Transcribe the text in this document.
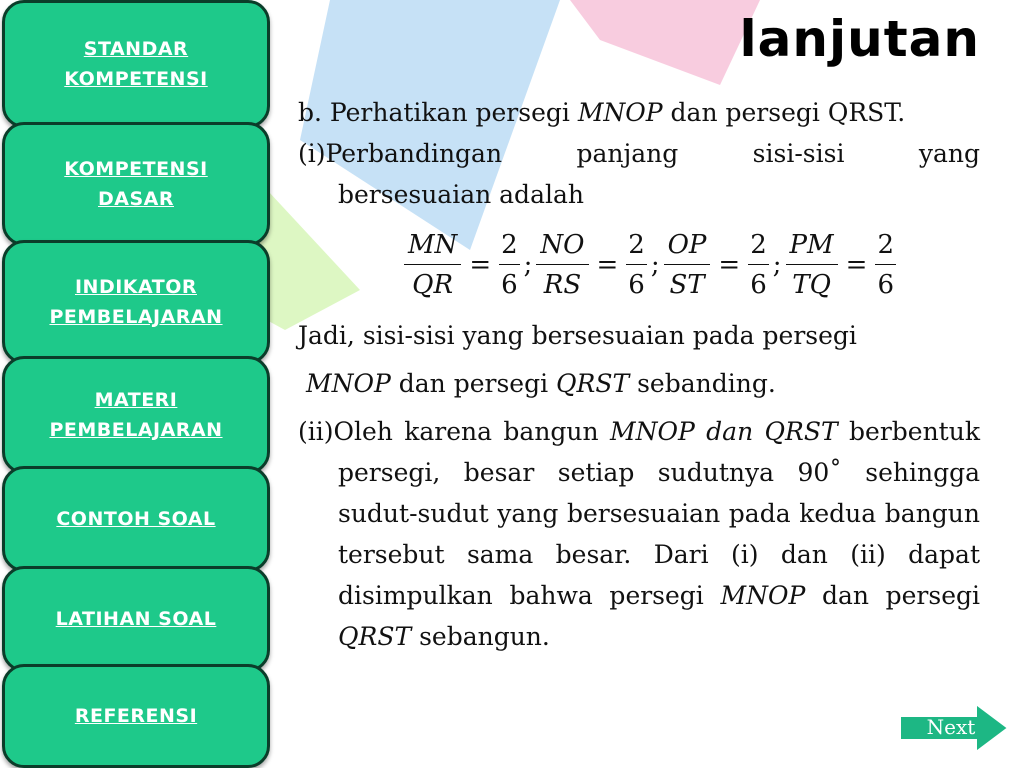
STANDAR
KOMPETENSI
KOMPETENSI
DASAR
INDIKATOR
PEMBELAJARAN
MATERI
PEMBELAJARAN
CONTOH SOAL
LATIHAN SOAL
REFERENSI
lanjutan

b. Perhatikan persegi MNOP dan persegi QRST.

(i)Perbandingan panjang sisi-sisi yang

bersesuaian adalah

$\frac{MN}{QR} = \frac{2}{6}$ ; $\frac{NO}{RS} = \frac{2}{6}$ ; $\frac{OP}{ST} = \frac{2}{6}$ ; $\frac{PM}{TQ} = \frac{2}{6}$

Jadi, sisi-sisi yang bersesuaian pada persegi

MNOP dan persegi QRST sebanding.

(ii)Oleh karena bangun MNOP dan QRST berbentuk persegi, besar setiap sudutnya 90˚ sehingga sudut-sudut yang bersesuaian pada kedua bangun tersebut sama besar. Dari (i) dan (ii) dapat disimpulkan bahwa persegi MNOP dan persegi QRST sebangun.

Next
